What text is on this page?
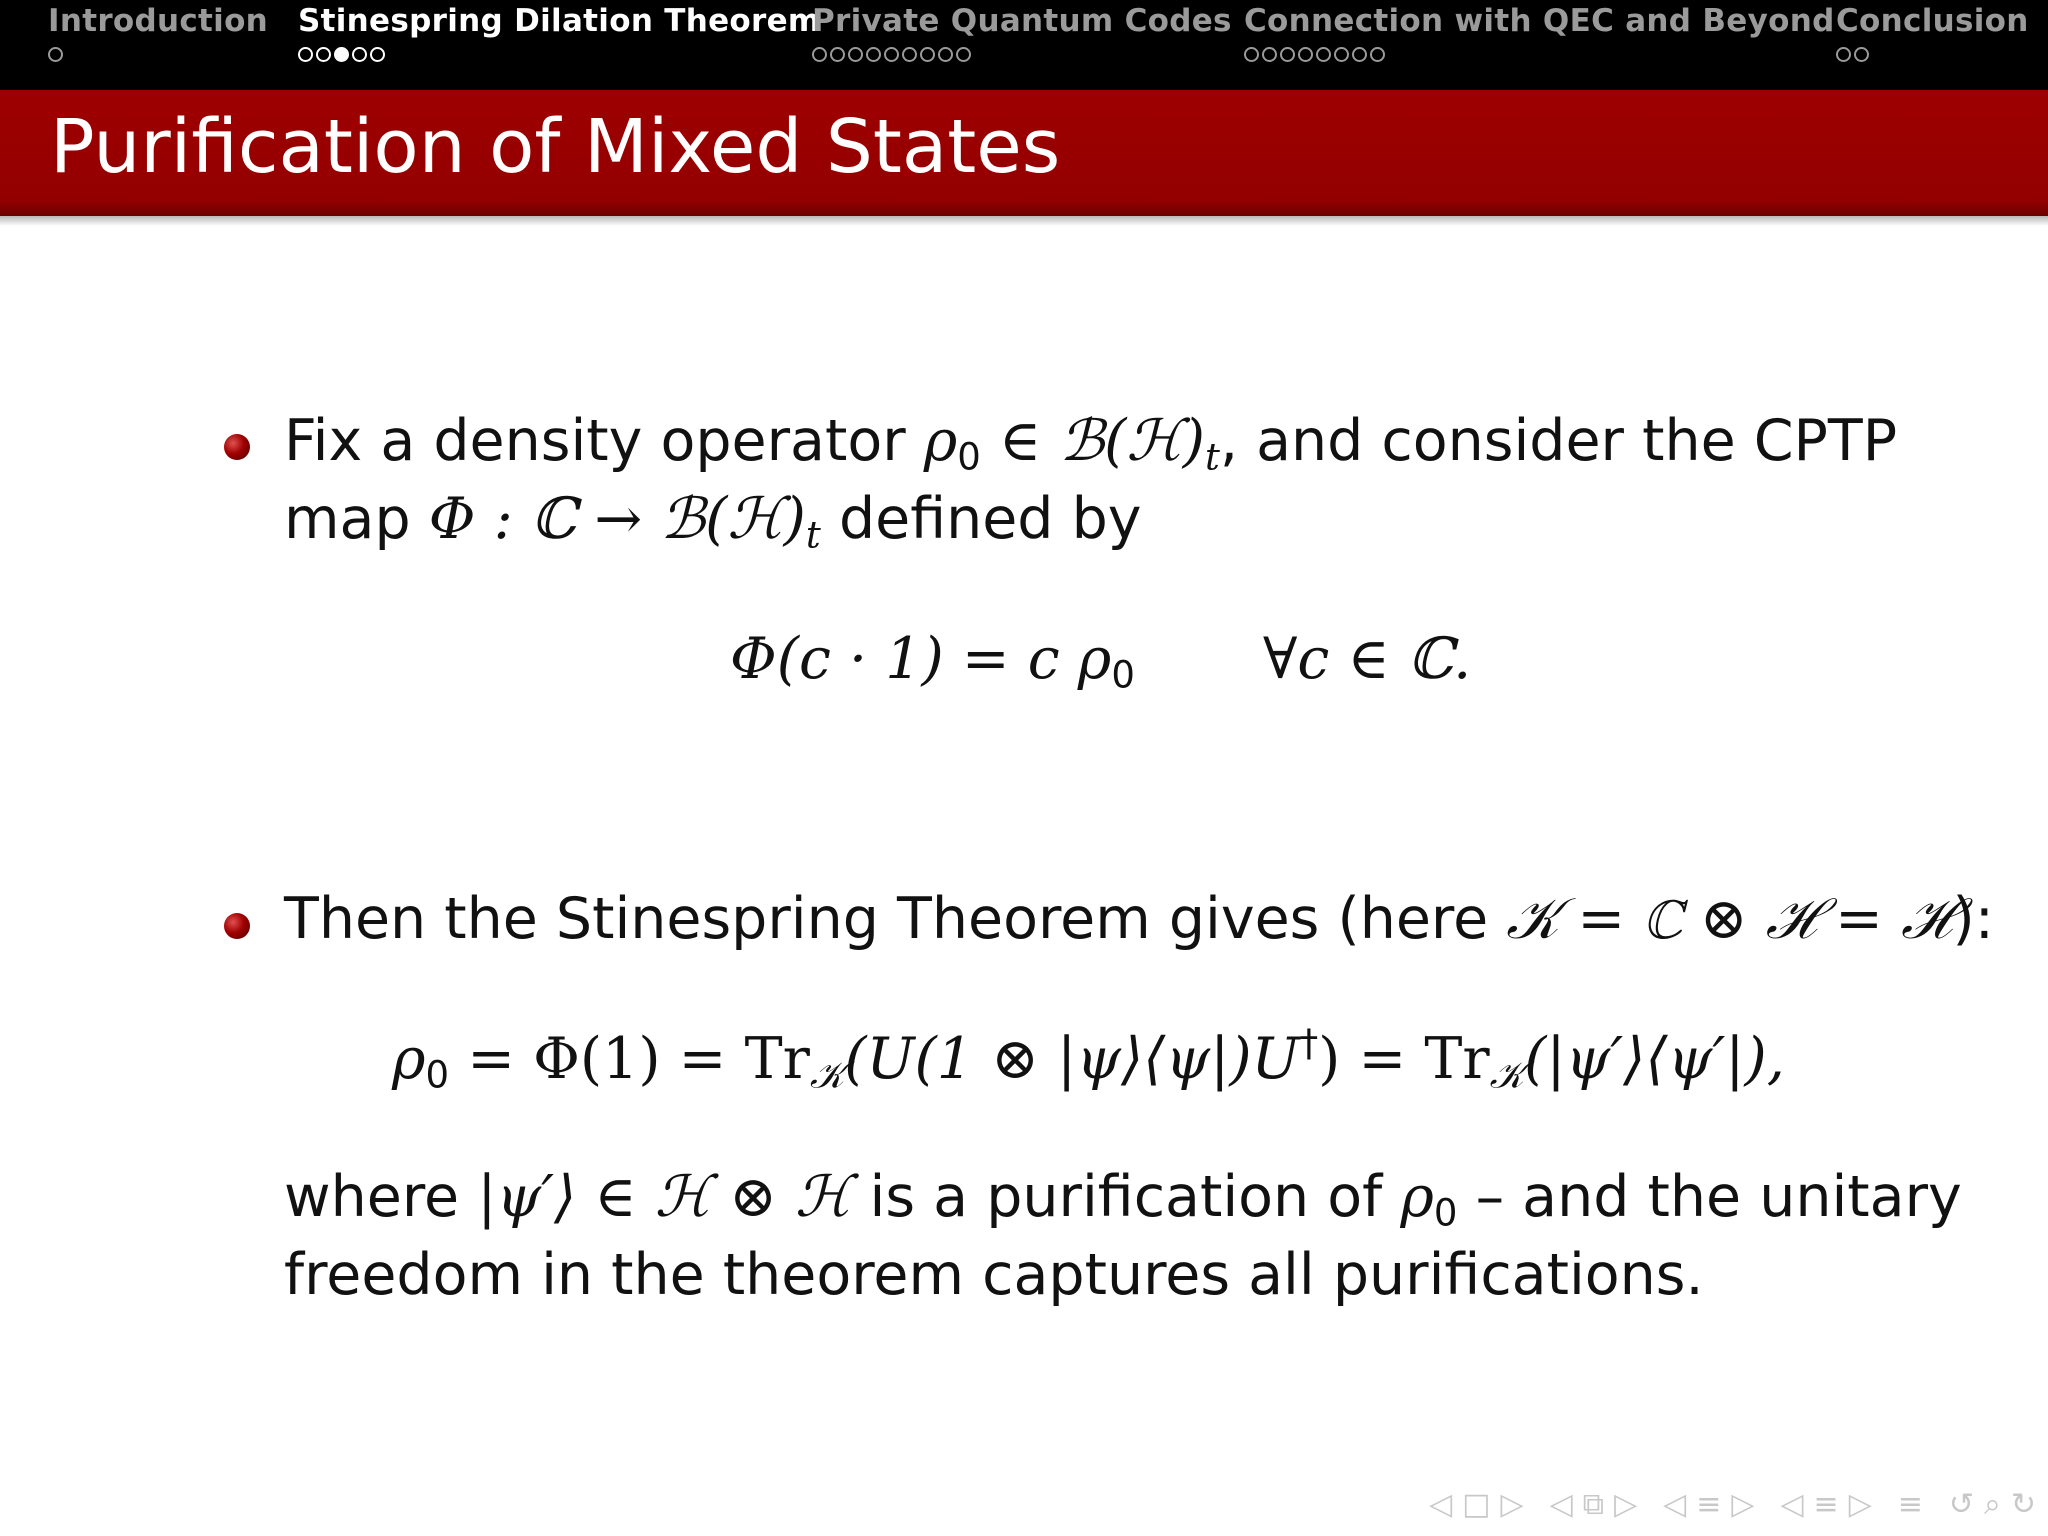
Introduction Stinespring Dilation Theorem
Private Quantum Codes Connection with QEC and Beyond Conclusion
Purification of Mixed States
Fix a density operator $\rho_0$ ∈ $ℬ(ℋ)_t$, and consider the CPTP
map Φ : ℂ → $ℬ(ℋ)_t$ defined by
Φ(c · 1) = c $\rho_0$ ∀c ∈ ℂ.
Then the Stinespring Theorem gives (here 𝒦 = ℂ ⊗ ℋ = ℋ):
$\rho_0 = \Phi(1) = Tr_𝒦(U(1$ ⊗ |ψ⟩⟨ψ|)U†) = $Tr_𝒦(|\psi'⟩⟨\psi'|)$,
where |ψ′⟩ ∈ ℋ ⊗ ℋ is a purification of $\rho_0$ – and the unitary
freedom in the theorem captures all purifications.
◁ □ ▷ ◁ ⧉ ▷ ◁ ≡ ▷ ◁ ≡ ▷ ≡ ↺ ⌕ ↻
